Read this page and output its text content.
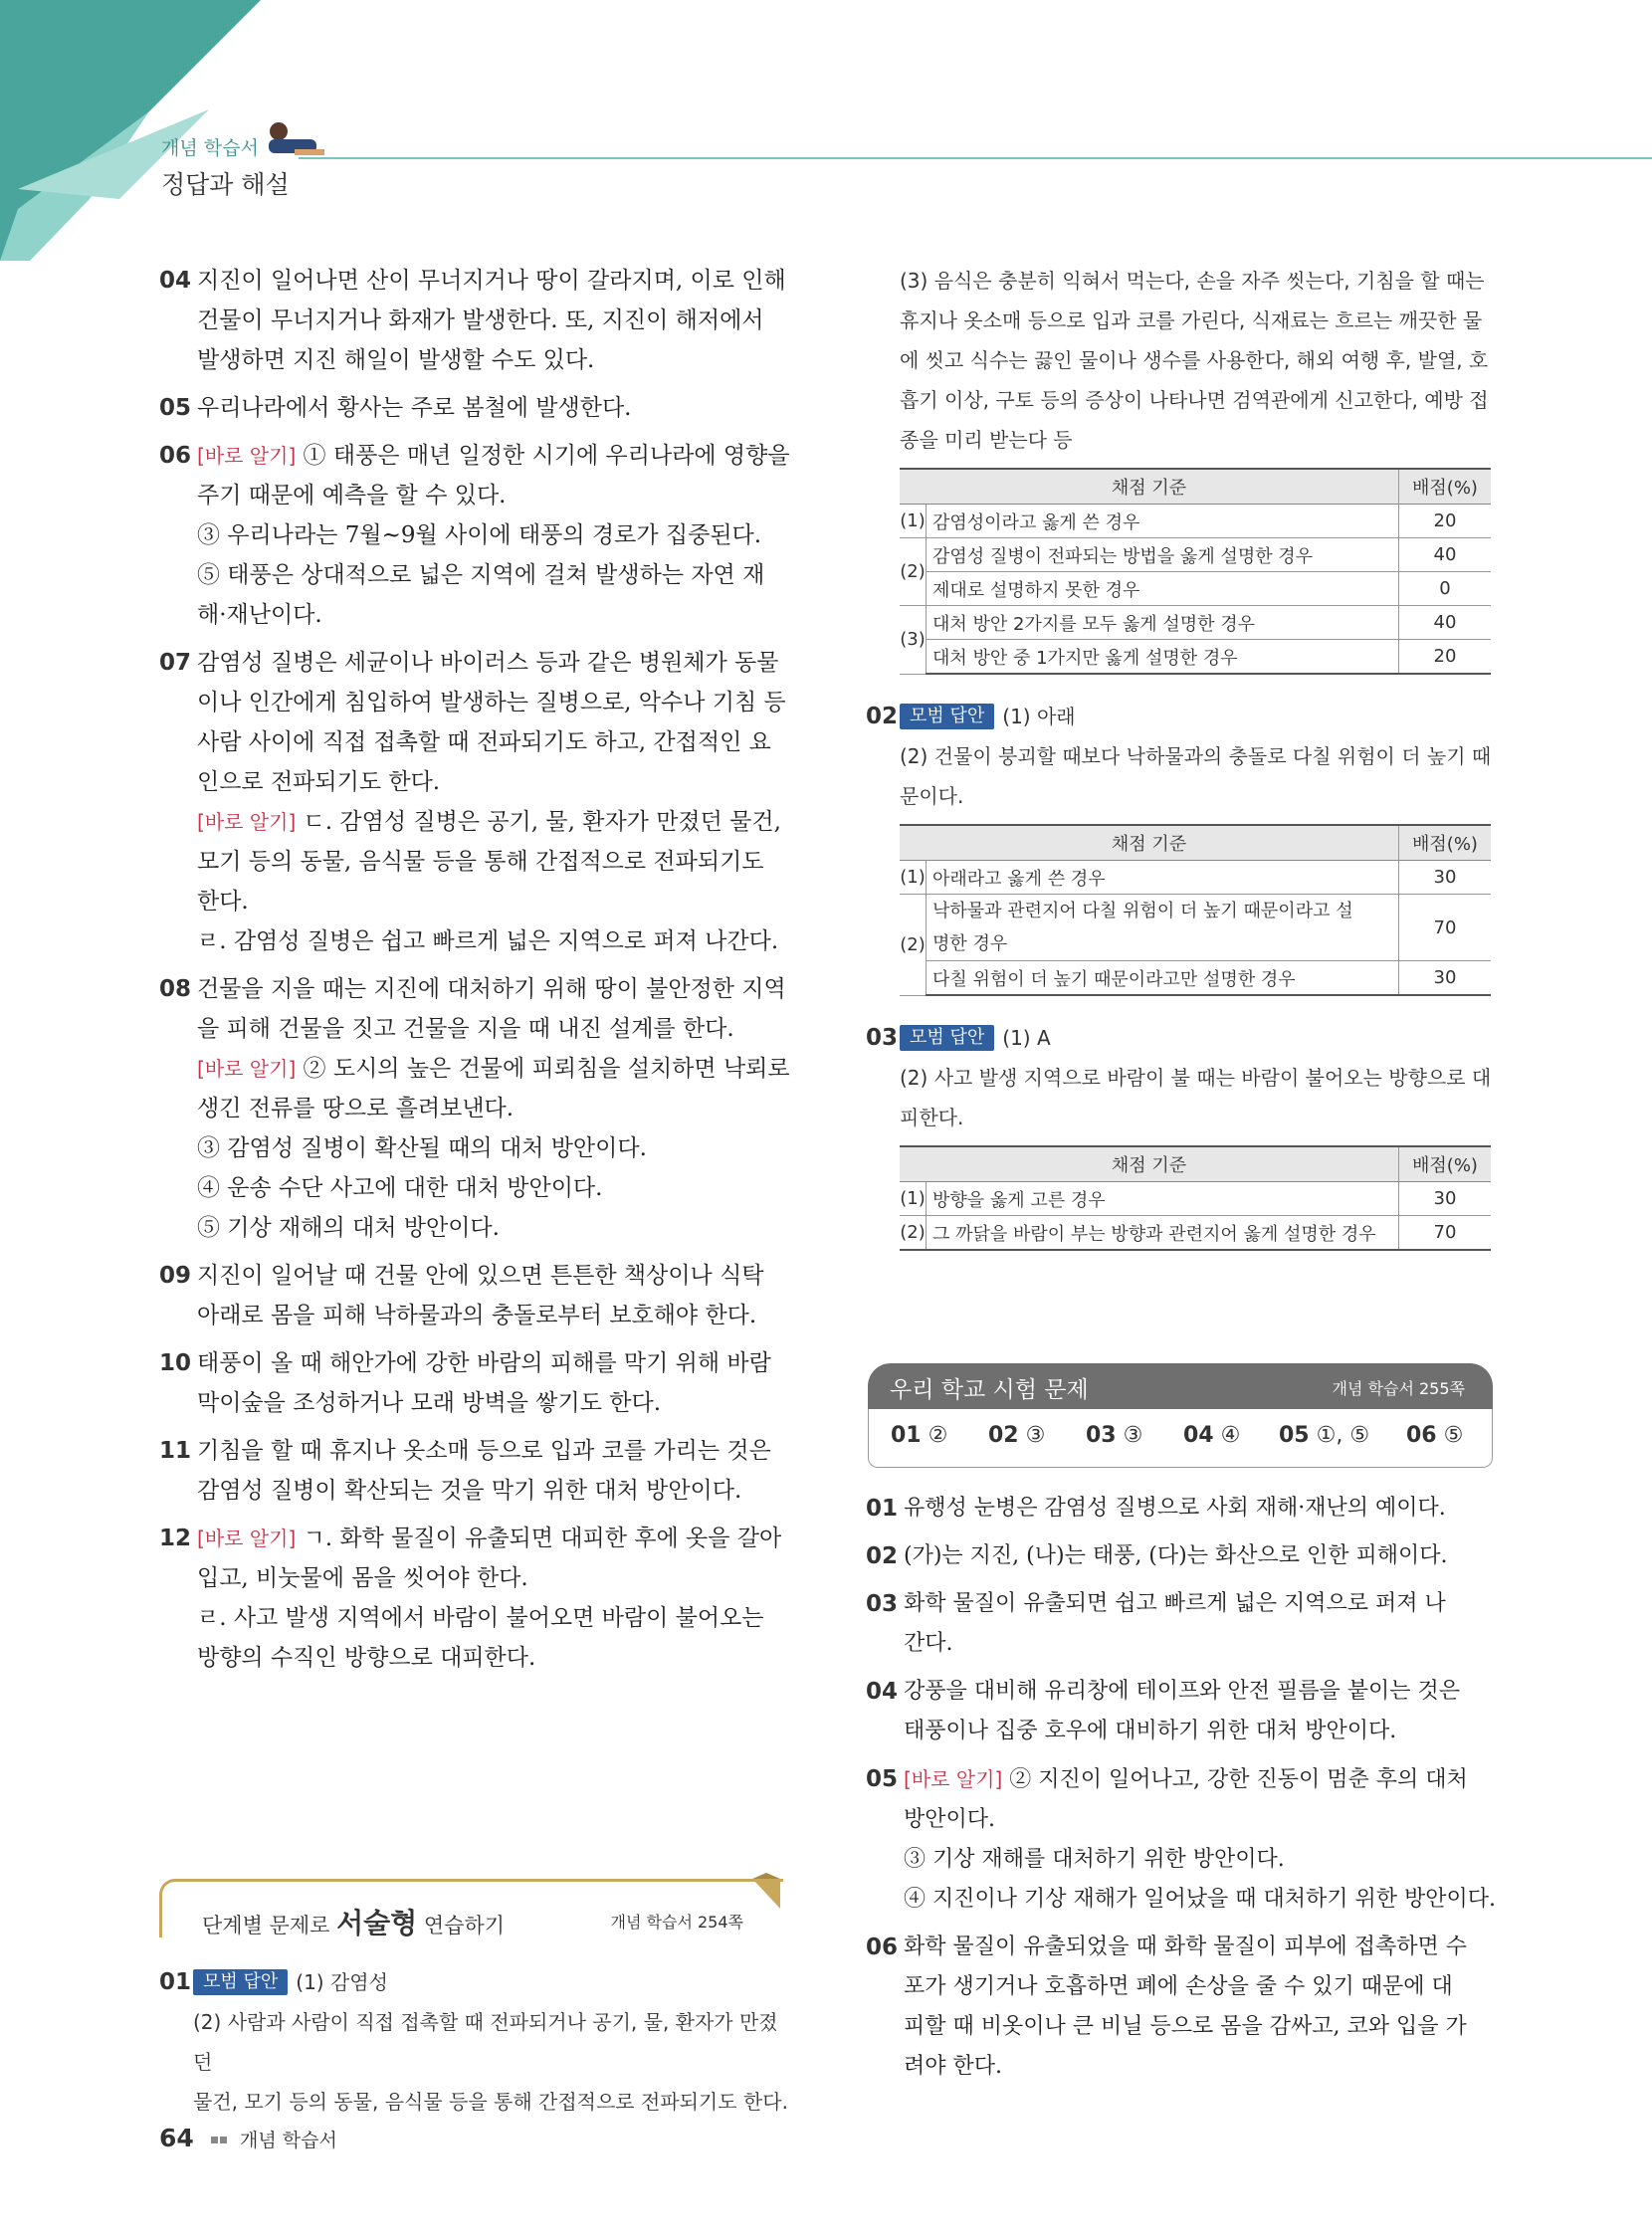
개념 학습서
정답과 해설
04 지진이 일어나면 산이 무너지거나 땅이 갈라지며, 이로 인해
건물이 무너지거나 화재가 발생한다. 또, 지진이 해저에서
발생하면 지진 해일이 발생할 수도 있다.
05 우리나라에서 황사는 주로 봄철에 발생한다.
06 [바로 알기] ① 태풍은 매년 일정한 시기에 우리나라에 영향을
주기 때문에 예측을 할 수 있다.
③ 우리나라는 7월~9월 사이에 태풍의 경로가 집중된다.
⑤ 태풍은 상대적으로 넓은 지역에 걸쳐 발생하는 자연 재
해·재난이다.
07 감염성 질병은 세균이나 바이러스 등과 같은 병원체가 동물
이나 인간에게 침입하여 발생하는 질병으로, 악수나 기침 등
사람 사이에 직접 접촉할 때 전파되기도 하고, 간접적인 요
인으로 전파되기도 한다.
[바로 알기] ㄷ. 감염성 질병은 공기, 물, 환자가 만졌던 물건,
모기 등의 동물, 음식물 등을 통해 간접적으로 전파되기도
한다.
ㄹ. 감염성 질병은 쉽고 빠르게 넓은 지역으로 퍼져 나간다.
08 건물을 지을 때는 지진에 대처하기 위해 땅이 불안정한 지역
을 피해 건물을 짓고 건물을 지을 때 내진 설계를 한다.
[바로 알기] ② 도시의 높은 건물에 피뢰침을 설치하면 낙뢰로
생긴 전류를 땅으로 흘려보낸다.
③ 감염성 질병이 확산될 때의 대처 방안이다.
④ 운송 수단 사고에 대한 대처 방안이다.
⑤ 기상 재해의 대처 방안이다.
09 지진이 일어날 때 건물 안에 있으면 튼튼한 책상이나 식탁
아래로 몸을 피해 낙하물과의 충돌로부터 보호해야 한다.
10 태풍이 올 때 해안가에 강한 바람의 피해를 막기 위해 바람
막이숲을 조성하거나 모래 방벽을 쌓기도 한다.
11 기침을 할 때 휴지나 옷소매 등으로 입과 코를 가리는 것은
감염성 질병이 확산되는 것을 막기 위한 대처 방안이다.
12 [바로 알기] ㄱ. 화학 물질이 유출되면 대피한 후에 옷을 갈아
입고, 비눗물에 몸을 씻어야 한다.
ㄹ. 사고 발생 지역에서 바람이 불어오면 바람이 불어오는
방향의 수직인 방향으로 대피한다.
단계별 문제로 서술형 연습하기	개념 학습서 254쪽
01 모범 답안 (1) 감염성
(2) 사람과 사람이 직접 접촉할 때 전파되거나 공기, 물, 환자가 만졌던
물건, 모기 등의 동물, 음식물 등을 통해 간접적으로 전파되기도 한다.
(3) 음식은 충분히 익혀서 먹는다, 손을 자주 씻는다, 기침을 할 때는
휴지나 옷소매 등으로 입과 코를 가린다, 식재료는 흐르는 깨끗한 물
에 씻고 식수는 끓인 물이나 생수를 사용한다, 해외 여행 후, 발열, 호
흡기 이상, 구토 등의 증상이 나타나면 검역관에게 신고한다, 예방 접
종을 미리 받는다 등
채점 기준		배점(%)
(1)	감염성이라고 옳게 쓴 경우	20
(2)	감염성 질병이 전파되는 방법을 옳게 설명한 경우	40
	제대로 설명하지 못한 경우	0
(3)	대처 방안 2가지를 모두 옳게 설명한 경우	40
	대처 방안 중 1가지만 옳게 설명한 경우	20
02 모범 답안 (1) 아래
(2) 건물이 붕괴할 때보다 낙하물과의 충돌로 다칠 위험이 더 높기 때
문이다.
채점 기준		배점(%)
(1)	아래라고 옳게 쓴 경우	30
(2)	낙하물과 관련지어 다칠 위험이 더 높기 때문이라고 설
명한 경우	70
	다칠 위험이 더 높기 때문이라고만 설명한 경우	30
03 모범 답안 (1) A
(2) 사고 발생 지역으로 바람이 불 때는 바람이 불어오는 방향으로 대
피한다.
채점 기준		배점(%)
(1)	방향을 옳게 고른 경우	30
(2)	그 까닭을 바람이 부는 방향과 관련지어 옳게 설명한 경우	70
우리 학교 시험 문제	개념 학습서 255쪽
01 ② 02 ③ 03 ③ 04 ④ 05 ①, ⑤ 06 ⑤
01 유행성 눈병은 감염성 질병으로 사회 재해·재난의 예이다.
02 (가)는 지진, (나)는 태풍, (다)는 화산으로 인한 피해이다.
03 화학 물질이 유출되면 쉽고 빠르게 넓은 지역으로 퍼져 나
간다.
04 강풍을 대비해 유리창에 테이프와 안전 필름을 붙이는 것은
태풍이나 집중 호우에 대비하기 위한 대처 방안이다.
05 [바로 알기] ② 지진이 일어나고, 강한 진동이 멈춘 후의 대처
방안이다.
③ 기상 재해를 대처하기 위한 방안이다.
④ 지진이나 기상 재해가 일어났을 때 대처하기 위한 방안이다.
06 화학 물질이 유출되었을 때 화학 물질이 피부에 접촉하면 수
포가 생기거나 호흡하면 폐에 손상을 줄 수 있기 때문에 대
피할 때 비옷이나 큰 비닐 등으로 몸을 감싸고, 코와 입을 가
려야 한다.
64 개념 학습서
